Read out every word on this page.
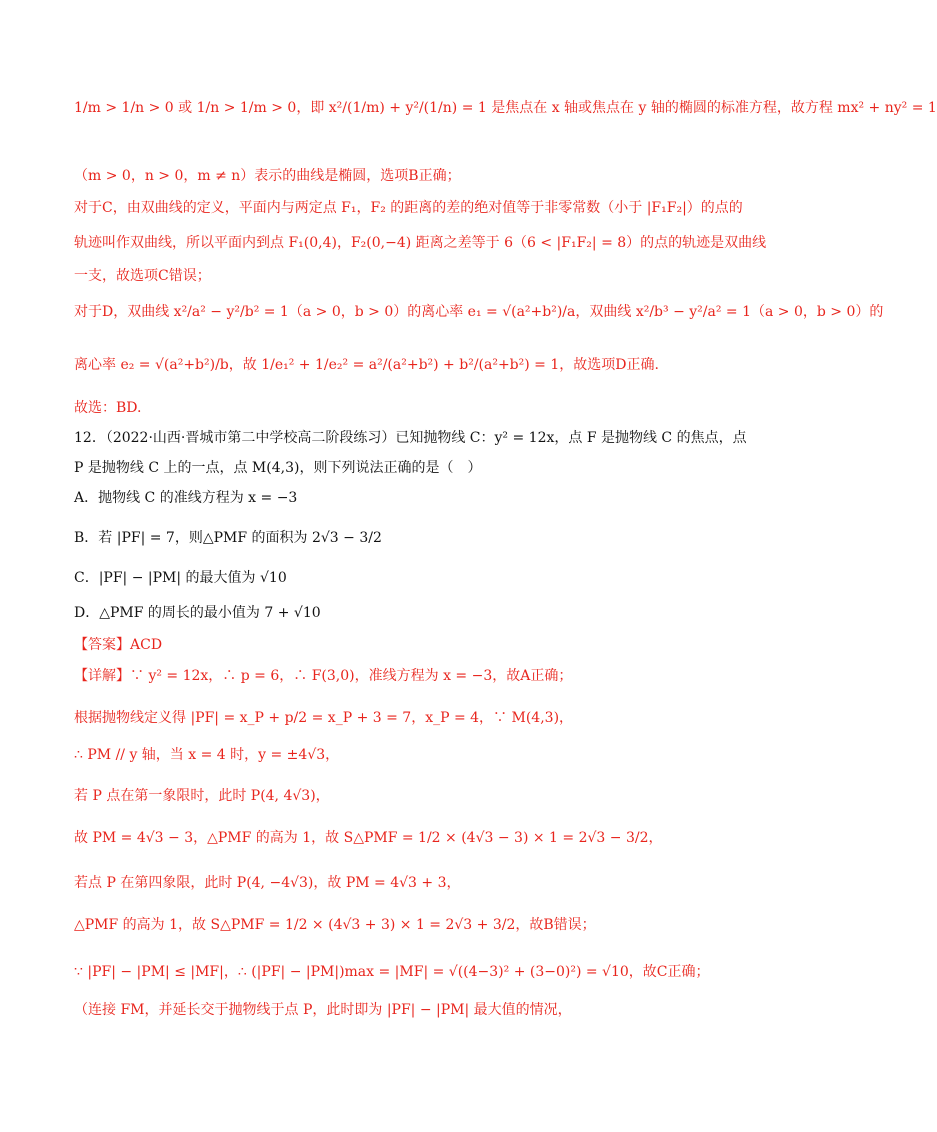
1/m > 1/n > 0 或 1/n > 1/m > 0，即 x²/(1/m) + y²/(1/n) = 1 是焦点在 x 轴或焦点在 y 轴的椭圆的标准方程，故方程 mx² + ny² = 1
（m > 0，n > 0，m ≠ n）表示的曲线是椭圆，选项B正确；
对于C，由双曲线的定义，平面内与两定点 F₁，F₂ 的距离的差的绝对值等于非零常数（小于 |F₁F₂|）的点的
轨迹叫作双曲线，所以平面内到点 F₁(0,4)，F₂(0,−4) 距离之差等于 6（6 < |F₁F₂| = 8）的点的轨迹是双曲线
一支，故选项C错误；
对于D，双曲线 x²/a² − y²/b² = 1（a > 0，b > 0）的离心率 e₁ = √(a²+b²)/a，双曲线 x²/b³ − y²/a² = 1（a > 0，b > 0）的
离心率 e₂ = √(a²+b²)/b，故 1/e₁² + 1/e₂² = a²/(a²+b²) + b²/(a²+b²) = 1，故选项D正确.
故选：BD.
12．（2022·山西·晋城市第二中学校高二阶段练习）已知抛物线 C：y² = 12x，点 F 是抛物线 C 的焦点，点
P 是抛物线 C 上的一点，点 M(4,3)，则下列说法正确的是（　）
A．抛物线 C 的准线方程为 x = −3
B．若 |PF| = 7，则△PMF 的面积为 2√3 − 3/2
C．|PF| − |PM| 的最大值为 √10
D．△PMF 的周长的最小值为 7 + √10
【答案】ACD
【详解】∵ y² = 12x，∴ p = 6，∴ F(3,0)，准线方程为 x = −3，故A正确；
根据抛物线定义得 |PF| = x_P + p/2 = x_P + 3 = 7，x_P = 4，∵ M(4,3)，
∴ PM // y 轴，当 x = 4 时，y = ±4√3，
若 P 点在第一象限时，此时 P(4, 4√3)，
故 PM = 4√3 − 3，△PMF 的高为 1，故 S△PMF = 1/2 × (4√3 − 3) × 1 = 2√3 − 3/2，
若点 P 在第四象限，此时 P(4, −4√3)，故 PM = 4√3 + 3，
△PMF 的高为 1，故 S△PMF = 1/2 × (4√3 + 3) × 1 = 2√3 + 3/2，故B错误；
∵ |PF| − |PM| ≤ |MF|，∴ (|PF| − |PM|)max = |MF| = √((4−3)² + (3−0)²) = √10，故C正确；
（连接 FM，并延长交于抛物线于点 P，此时即为 |PF| − |PM| 最大值的情况，
